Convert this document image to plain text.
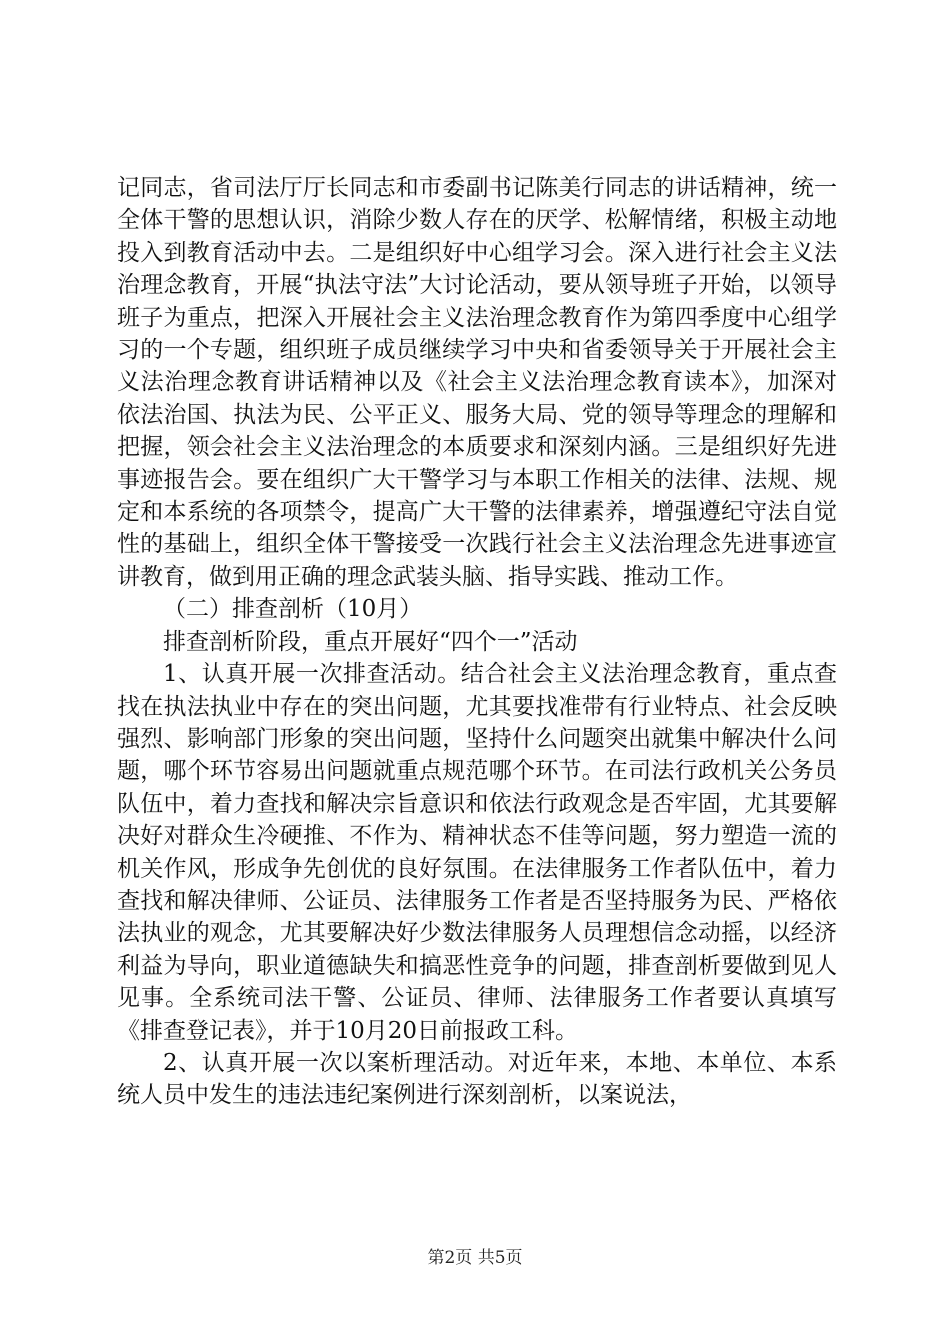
记同志，省司法厅厅长同志和市委副书记陈美行同志的讲话精神，统一全体干警的思想认识，消除少数人存在的厌学、松解情绪，积极主动地投入到教育活动中去。二是组织好中心组学习会。深入进行社会主义法治理念教育，开展“执法守法”大讨论活动，要从领导班子开始，以领导班子为重点，把深入开展社会主义法治理念教育作为第四季度中心组学习的一个专题，组织班子成员继续学习中央和省委领导关于开展社会主义法治理念教育讲话精神以及《社会主义法治理念教育读本》，加深对依法治国、执法为民、公平正义、服务大局、党的领导等理念的理解和把握，领会社会主义法治理念的本质要求和深刻内涵。三是组织好先进事迹报告会。要在组织广大干警学习与本职工作相关的法律、法规、规定和本系统的各项禁令，提高广大干警的法律素养，增强遵纪守法自觉性的基础上，组织全体干警接受一次践行社会主义法治理念先进事迹宣讲教育，做到用正确的理念武装头脑、指导实践、推动工作。

（二）排查剖析（10月）

排查剖析阶段，重点开展好“四个一”活动

1、认真开展一次排查活动。结合社会主义法治理念教育，重点查找在执法执业中存在的突出问题，尤其要找准带有行业特点、社会反映强烈、影响部门形象的突出问题，坚持什么问题突出就集中解决什么问题，哪个环节容易出问题就重点规范哪个环节。在司法行政机关公务员队伍中，着力查找和解决宗旨意识和依法行政观念是否牢固，尤其要解决好对群众生冷硬推、不作为、精神状态不佳等问题，努力塑造一流的机关作风，形成争先创优的良好氛围。在法律服务工作者队伍中，着力查找和解决律师、公证员、法律服务工作者是否坚持服务为民、严格依法执业的观念，尤其要解决好少数法律服务人员理想信念动摇，以经济利益为导向，职业道德缺失和搞恶性竞争的问题，排查剖析要做到见人见事。全系统司法干警、公证员、律师、法律服务工作者要认真填写《排查登记表》，并于10月20日前报政工科。

2、认真开展一次以案析理活动。对近年来，本地、本单位、本系统人员中发生的违法违纪案例进行深刻剖析，以案说法，

第2页 共5页
